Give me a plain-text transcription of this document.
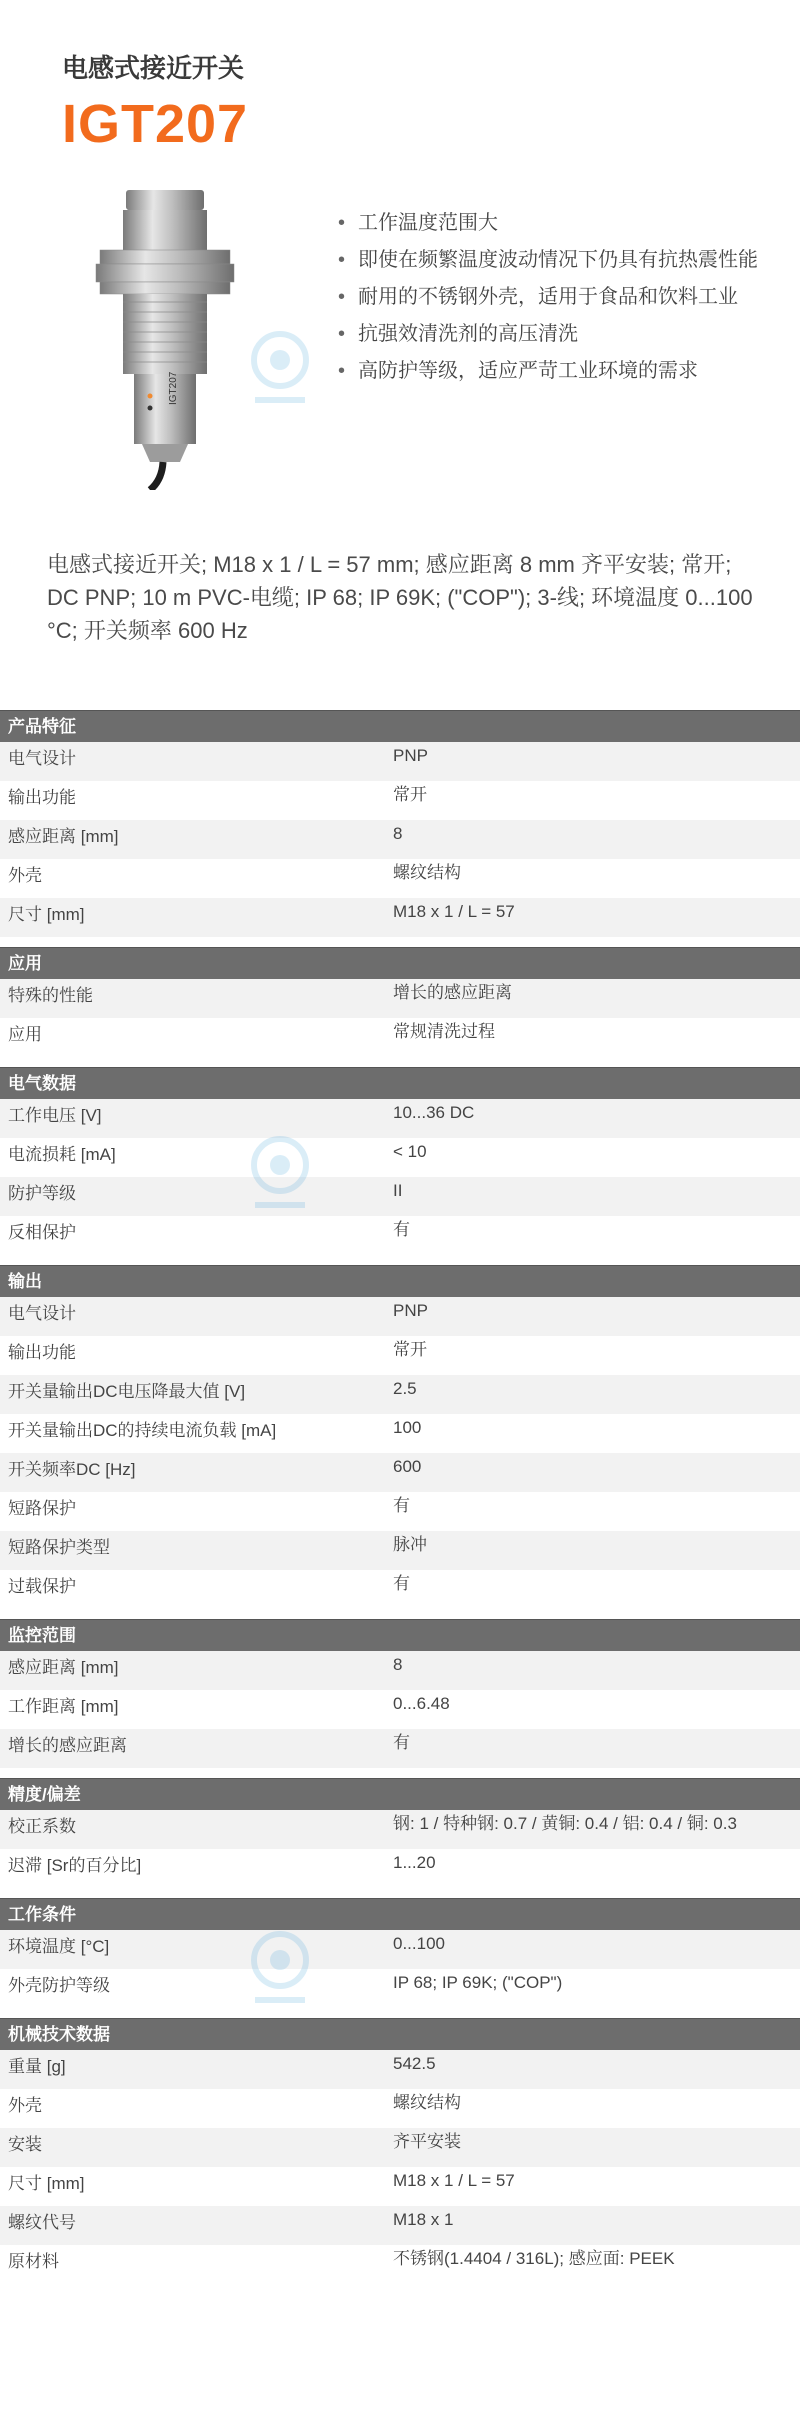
电感式接近开关
IGT207
IGT207
• 工作温度范围大
• 即使在频繁温度波动情况下仍具有抗热震性能
• 耐用的不锈钢外壳，适用于食品和饮料工业
• 抗强效清洗剂的高压清洗
• 高防护等级，适应严苛工业环境的需求
电感式接近开关; M18 x 1 / L = 57 mm; 感应距离 8 mm 齐平安装; 常开; DC PNP; 10 m PVC-电缆; IP 68; IP 69K; ("COP"); 3-线; 环境温度 0...100 °C; 开关频率 600 Hz
产品特征
电气设计	PNP
输出功能	常开
感应距离 [mm]	8
外壳	螺纹结构
尺寸 [mm]	M18 x 1 / L = 57
应用
特殊的性能	增长的感应距离
应用	常规清洗过程
电气数据
工作电压 [V]	10...36 DC
电流损耗 [mA]	< 10
防护等级	II
反相保护	有
输出
电气设计	PNP
输出功能	常开
开关量输出DC电压降最大值 [V]	2.5
开关量输出DC的持续电流负载 [mA]	100
开关频率DC [Hz]	600
短路保护	有
短路保护类型	脉冲
过载保护	有
监控范围
感应距离 [mm]	8
工作距离 [mm]	0...6.48
增长的感应距离	有
精度/偏差
校正系数	钢: 1 / 特种钢: 0.7 / 黄铜: 0.4 / 铝: 0.4 / 铜: 0.3
迟滞 [Sr的百分比]	1...20
工作条件
环境温度 [°C]	0...100
外壳防护等级	IP 68; IP 69K; ("COP")
机械技术数据
重量 [g]	542.5
外壳	螺纹结构
安装	齐平安装
尺寸 [mm]	M18 x 1 / L = 57
螺纹代号	M18 x 1
原材料	不锈钢(1.4404 / 316L); 感应面: PEEK
